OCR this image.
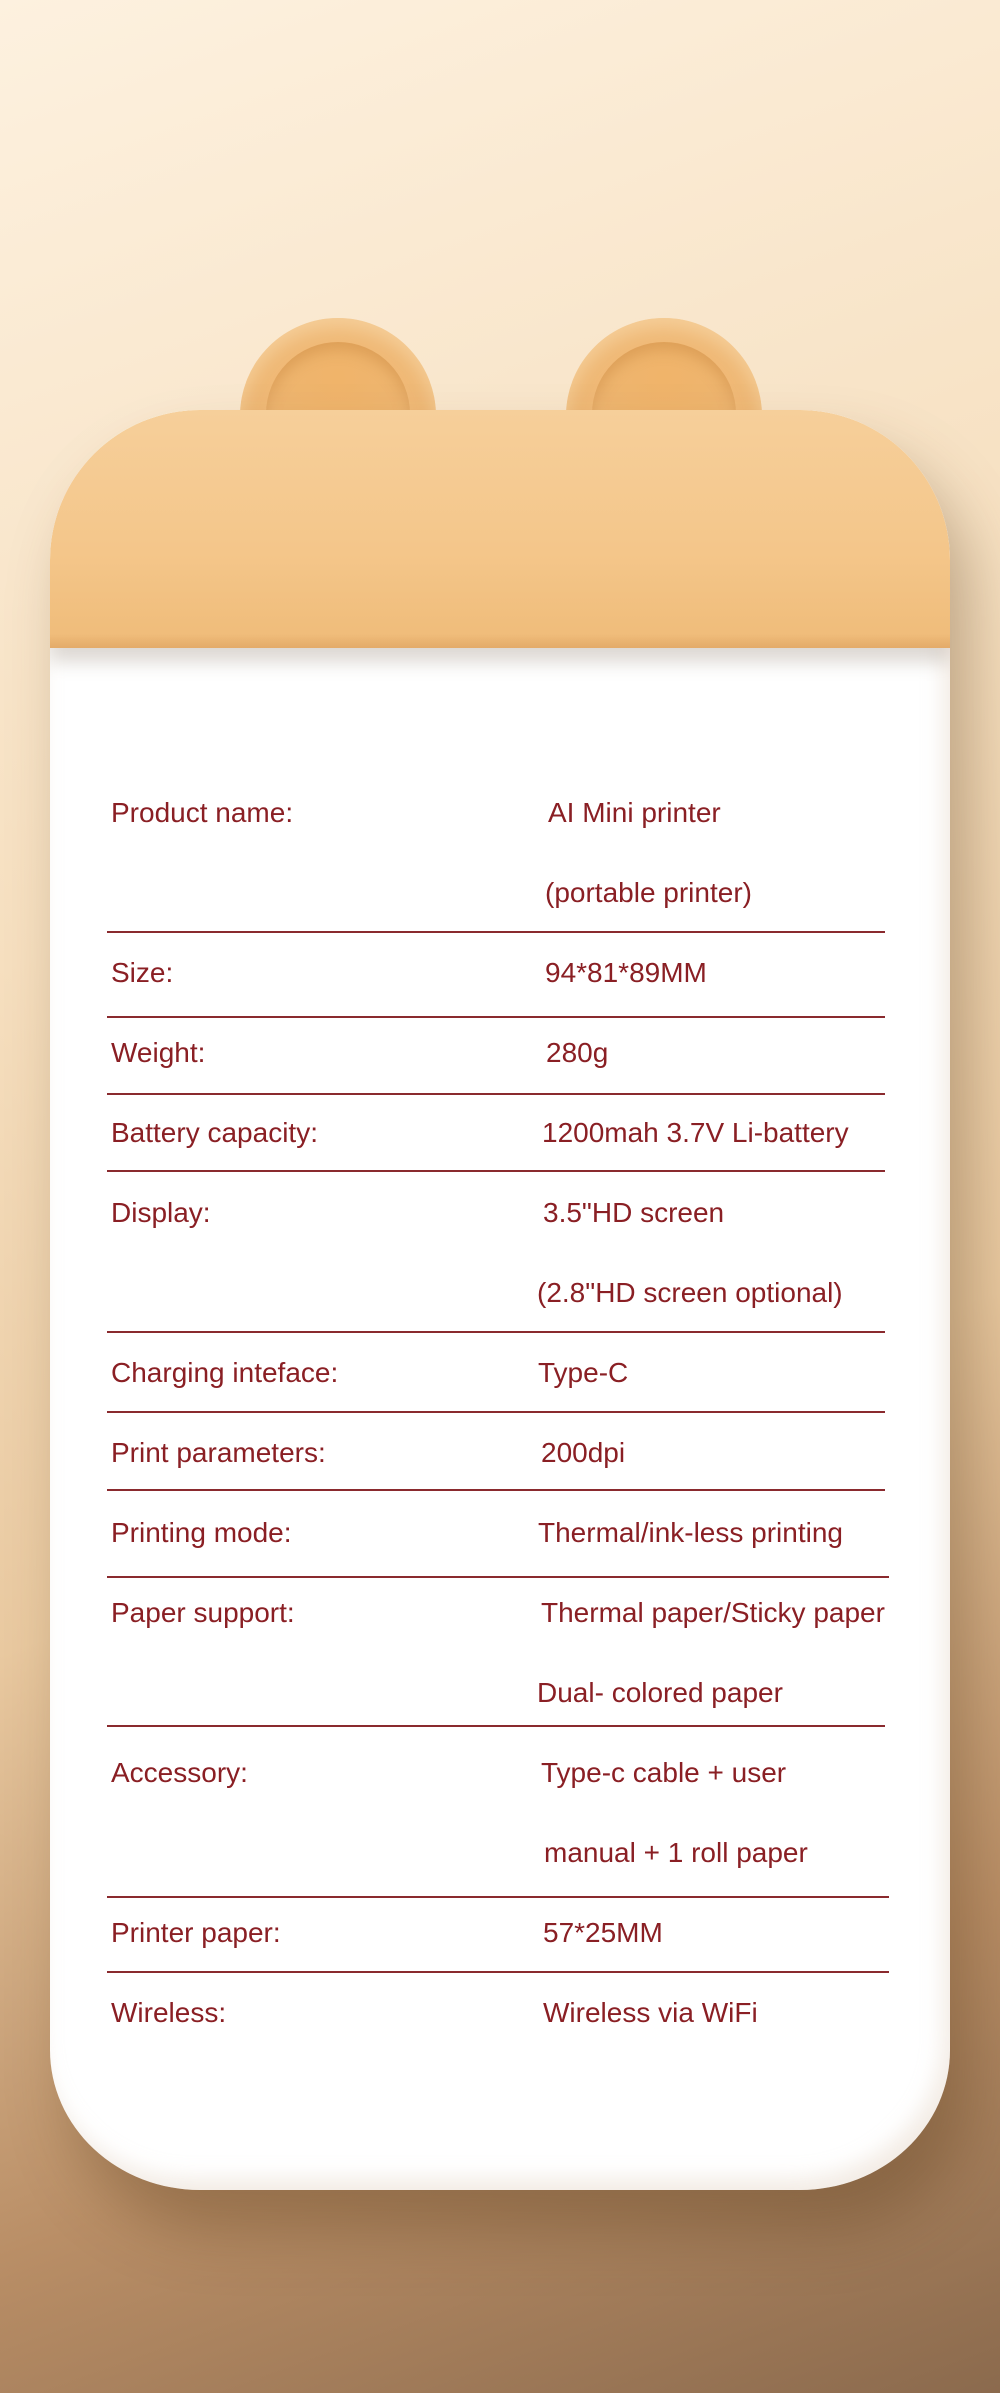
Product name:	AI Mini printer
(portable printer)
Size:	94*81*89MM
Weight:	280g
Battery capacity:	1200mah 3.7V Li-battery
Display:	3.5"HD screen
(2.8"HD screen optional)
Charging inteface:	Type-C
Print parameters:	200dpi
Printing mode:	Thermal/ink-less printing
Paper support:	Thermal paper/Sticky paper
Dual- colored paper
Accessory:	Type-c cable + user
manual + 1 roll paper
Printer paper:	57*25MM
Wireless:	Wireless via WiFi
